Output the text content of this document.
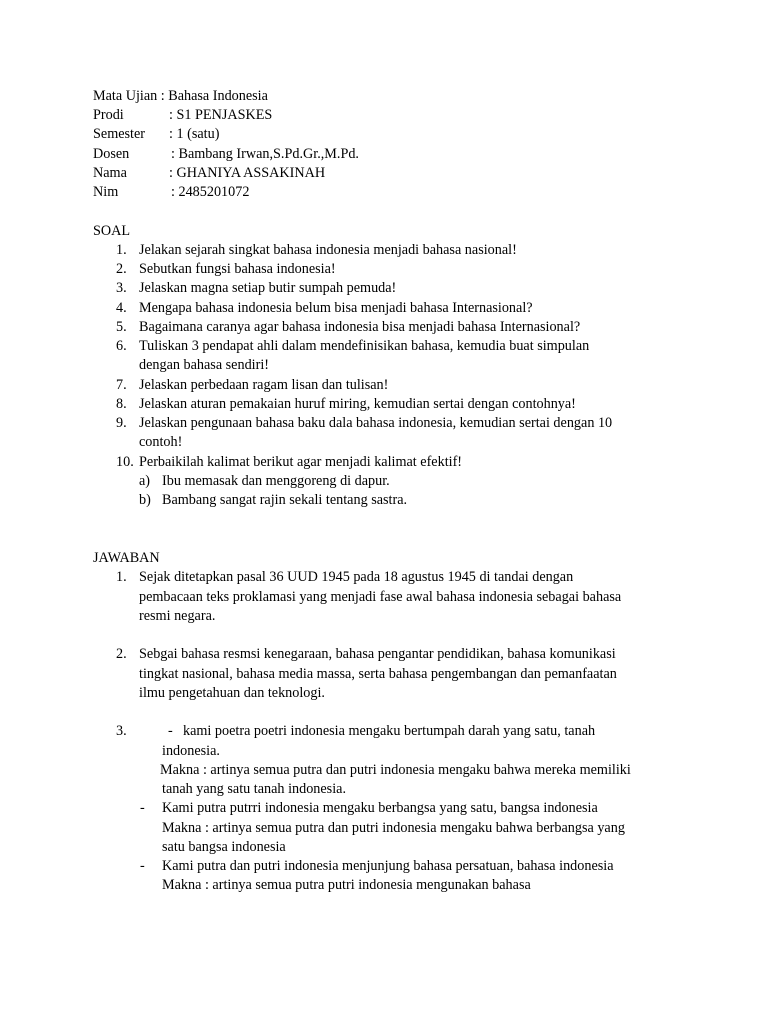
Mata Ujian : Bahasa Indonesia
Prodi	: S1 PENJASKES
Semester : 1 (satu)
Dosen	: Bambang Irwan,S.Pd.Gr.,M.Pd.
Nama	: GHANIYA ASSAKINAH
Nim	: 2485201072
SOAL
1. Jelakan sejarah singkat bahasa indonesia menjadi bahasa nasional!
2. Sebutkan fungsi bahasa indonesia!
3. Jelaskan magna setiap butir sumpah pemuda!
4. Mengapa bahasa indonesia belum bisa menjadi bahasa Internasional?
5. Bagaimana caranya agar bahasa indonesia bisa menjadi bahasa Internasional?
6. Tuliskan 3 pendapat ahli dalam mendefinisikan bahasa, kemudia buat simpulan
dengan bahasa sendiri!
7. Jelaskan perbedaan ragam lisan dan tulisan!
8. Jelaskan aturan pemakaian huruf miring, kemudian sertai dengan contohnya!
9. Jelaskan pengunaan bahasa baku dala bahasa indonesia, kemudian sertai dengan 10
contoh!
10. Perbaikilah kalimat berikut agar menjadi kalimat efektif!
a) Ibu memasak dan menggoreng di dapur.
b) Bambang sangat rajin sekali tentang sastra.
JAWABAN
1. Sejak ditetapkan pasal 36 UUD 1945 pada 18 agustus 1945 di tandai dengan
pembacaan teks proklamasi yang menjadi fase awal bahasa indonesia sebagai bahasa
resmi negara.
2. Sebgai bahasa resmsi kenegaraan, bahasa pengantar pendidikan, bahasa komunikasi
tingkat nasional, bahasa media massa, serta bahasa pengembangan dan pemanfaatan
ilmu pengetahuan dan teknologi.
3.	- kami poetra poetri indonesia mengaku bertumpah darah yang satu, tanah
indonesia.
Makna : artinya semua putra dan putri indonesia mengaku bahwa mereka memiliki
tanah yang satu tanah indonesia.
- Kami putra putrri indonesia mengaku berbangsa yang satu, bangsa indonesia
Makna : artinya semua putra dan putri indonesia mengaku bahwa berbangsa yang
satu bangsa indonesia
- Kami putra dan putri indonesia menjunjung bahasa persatuan, bahasa indonesia
Makna : artinya semua putra putri indonesia mengunakan bahasa
